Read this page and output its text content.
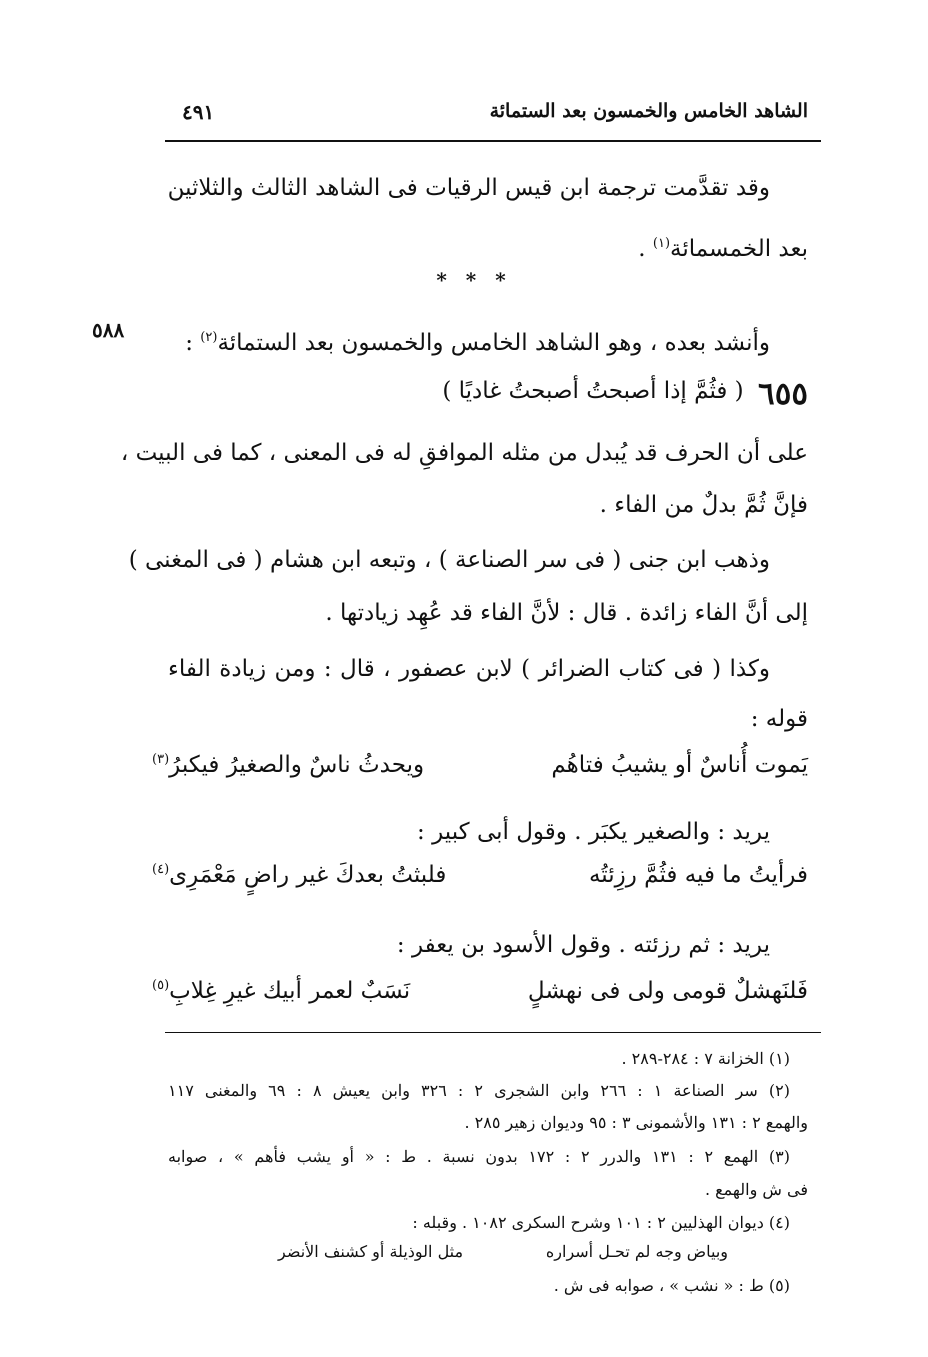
الشاهد الخامس والخمسون بعد الستمائة
٤٩١
وقد تقدَّمت ترجمة ابن قيس الرقيات فى الشاهد الثالث والثلاثين
بعد الخمسمائة$^{(١)}$ .
* * *
٥٨٨	وأنشد بعده ، وهو الشاهد الخامس والخمسون بعد الستمائة$^{(٢)}$ :
٦٥٥
( فثُمَّ إذا أصبحتُ أصبحتُ غاديًا )
على أن الحرف قد يُبدل من مثله الموافقِ له فى المعنى ، كما فى البيت ،
فإنَّ ثُمَّ بدلٌ من الفاء .
وذهب ابن جنى ( فى سر الصناعة ) ، وتبعه ابن هشام ( فى المغنى )
إلى أنَّ الفاء زائدة . قال : لأنَّ الفاء قد عُهِد زيادتها .
وكذا ( فى كتاب الضرائر ) لابن عصفور ، قال : ومن زيادة الفاء
قوله :
يَموت أُناسٌ أو يشيبُ فتاهُم
ويحدثُ ناسٌ والصغيرُ فيكبرُ$^{(٣)}$
يريد : والصغير يكبَر . وقول أبى كبير :
فرأيتُ ما فيه فثُمَّ رزِئتُه
فلبثتُ بعدكَ غير راضٍ مَعْمَرِى$^{(٤)}$
يريد : ثم رزئته . وقول الأسود بن يعفر :
فَلنَهشلٌ قومى ولى فى نهشلٍ
نَسَبٌ لعمر أبيك غيرِ غِلابِ$^{(٥)}$
(١) الخزانة ٧ : ٢٨٤-٢٨٩ .
(٢) سر الصناعة ١ : ٢٦٦ وابن الشجرى ٢ : ٣٢٦ وابن يعيش ٨ : ٦٩ والمغنى ١١٧
والهمع ٢ : ١٣١ والأشمونى ٣ : ٩٥ وديوان زهير ٢٨٥ .
(٣) الهمع ٢ : ١٣١ والدرر ٢ : ١٧٢ بدون نسبة . ط : « أو يشب فأهم » ، صوابه
فى ش والهمع .
(٤) ديوان الهذليين ٢ : ١٠١ وشرح السكرى ١٠٨٢ . وقبله :
وبياض وجه لم تحـل أسراره
مثل الوذيلة أو كشنف الأنضر
(٥) ط : « نشب » ، صوابه فى ش .
